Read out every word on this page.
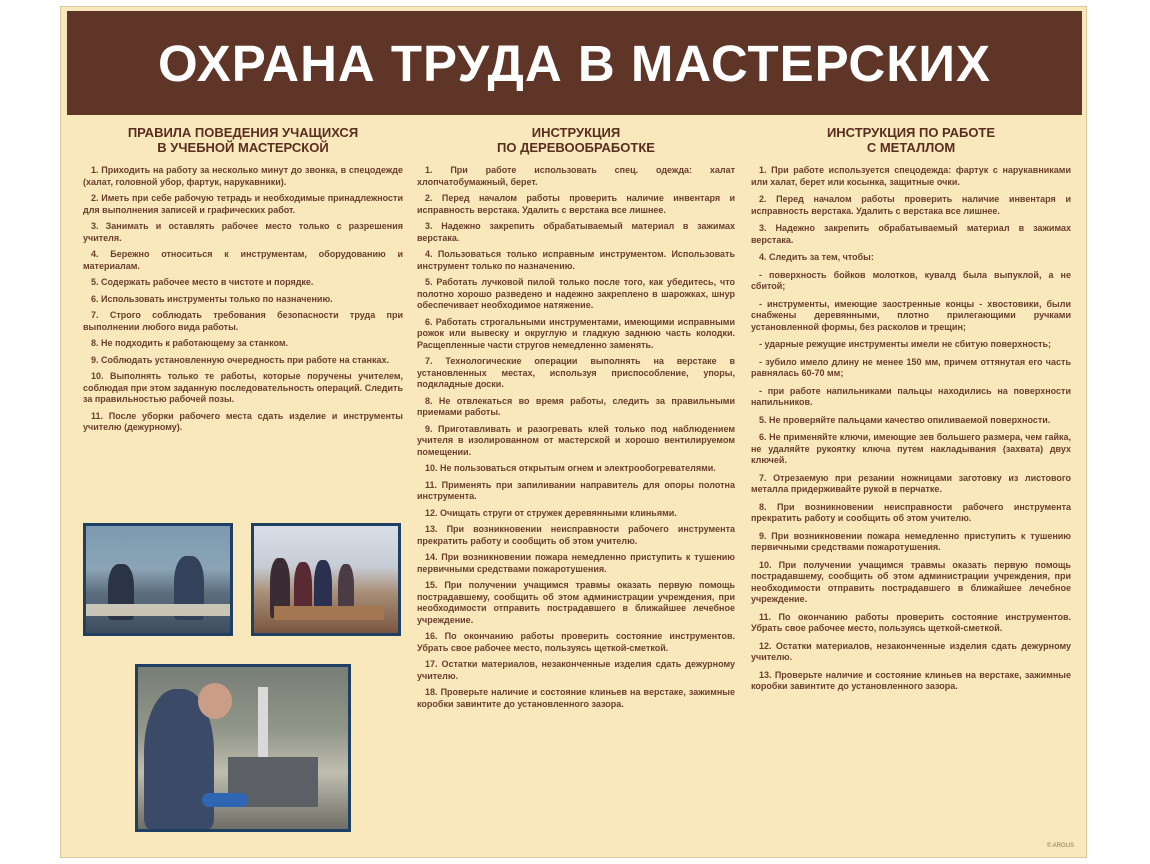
ОХРАНА ТРУДА В МАСТЕРСКИХ
ПРАВИЛА ПОВЕДЕНИЯ УЧАЩИХСЯ
В УЧЕБНОЙ МАСТЕРСКОЙ
1. Приходить на работу за несколько минут до звонка, в спецодежде (халат, головной убор, фартук, нарукавники).
2. Иметь при себе рабочую тетрадь и необходимые принадлежности для выполнения записей и графических работ.
3. Занимать и оставлять рабочее место только с разрешения учителя.
4. Бережно относиться к инструментам, оборудованию и материалам.
5. Содержать рабочее место в чистоте и порядке.
6. Использовать инструменты только по назначению.
7. Строго соблюдать требования безопасности труда при выполнении любого вида работы.
8. Не подходить к работающему за станком.
9. Соблюдать установленную очередность при работе на станках.
10. Выполнять только те работы, которые поручены учителем, соблюдая при этом заданную последовательность операций. Следить за правильностью рабочей позы.
11. После уборки рабочего места сдать изделие и инструменты учителю (дежурному).
ИНСТРУКЦИЯ
ПО ДЕРЕВООБРАБОТКЕ
1. При работе использовать спец. одежда: халат хлопчатобумажный, берет.
2. Перед началом работы проверить наличие инвентаря и исправность верстака. Удалить с верстака все лишнее.
3. Надежно закрепить обрабатываемый материал в зажимах верстака.
4. Пользоваться только исправным инструментом. Использовать инструмент только по назначению.
5. Работать лучковой пилой только после того, как убедитесь, что полотно хорошо разведено и надежно закреплено в шарожках, шнур обеспечивает необходимое натяжение.
6. Работать строгальными инструментами, имеющими исправными рожок или вывеску и округлую и гладкую заднюю часть колодки. Расщепленные части стругов немедленно заменять.
7. Технологические операции выполнять на верстаке в установленных местах, используя приспособление, упоры, подкладные доски.
8. Не отвлекаться во время работы, следить за правильными приемами работы.
9. Приготавливать и разогревать клей только под наблюдением учителя в изолированном от мастерской и хорошо вентилируемом помещении.
10. Не пользоваться открытым огнем и электрообогревателями.
11. Применять при запиливании направитель для опоры полотна инструмента.
12. Очищать струги от стружек деревянными клиньями.
13. При возникновении неисправности рабочего инструмента прекратить работу и сообщить об этом учителю.
14. При возникновении пожара немедленно приступить к тушению первичными средствами пожаротушения.
15. При получении учащимся травмы оказать первую помощь пострадавшему, сообщить об этом администрации учреждения, при необходимости отправить пострадавшего в ближайшее лечебное учреждение.
16. По окончанию работы проверить состояние инструментов. Убрать свое рабочее место, пользуясь щеткой-сметкой.
17. Остатки материалов, незаконченные изделия сдать дежурному учителю.
18. Проверьте наличие и состояние клиньев на верстаке, зажимные коробки завинтите до установленного зазора.
ИНСТРУКЦИЯ ПО РАБОТЕ
С МЕТАЛЛОМ
1. При работе используется спецодежда: фартук с нарукавниками или халат, берет или косынка, защитные очки.
2. Перед началом работы проверить наличие инвентаря и исправность верстака. Удалить с верстака все лишнее.
3. Надежно закрепить обрабатываемый материал в зажимах верстака.
4. Следить за тем, чтобы:
- поверхность бойков молотков, кувалд была выпуклой, а не сбитой;
- инструменты, имеющие заостренные концы - хвостовики, были снабжены деревянными, плотно прилегающими ручками установленной формы, без расколов и трещин;
- ударные режущие инструменты имели не сбитую поверхность;
- зубило имело длину не менее 150 мм, причем оттянутая его часть равнялась 60-70 мм;
- при работе напильниками пальцы находились на поверхности напильников.
5. Не проверяйте пальцами качество опиливаемой поверхности.
6. Не применяйте ключи, имеющие зев большего размера, чем гайка, не удаляйте рукоятку ключа путем накладывания (захвата) двух ключей.
7. Отрезаемую при резании ножницами заготовку из листового металла придерживайте рукой в перчатке.
8. При возникновении неисправности рабочего инструмента прекратить работу и сообщить об этом учителю.
9. При возникновении пожара немедленно приступить к тушению первичными средствами пожаротушения.
10. При получении учащимся травмы оказать первую помощь пострадавшему, сообщить об этом администрации учреждения, при необходимости отправить пострадавшего в ближайшее лечебное учреждение.
11. По окончанию работы проверить состояние инструментов. Убрать свое рабочее место, пользуясь щеткой-сметкой.
12. Остатки материалов, незаконченные изделия сдать дежурному учителю.
13. Проверьте наличие и состояние клиньев на верстаке, зажимные коробки завинтите до установленного зазора.
© ARGUS
